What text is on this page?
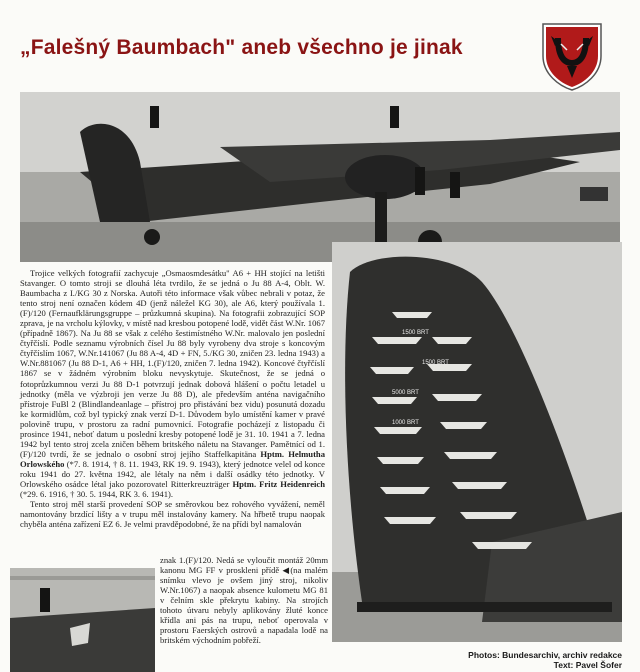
„Falešný Baumbach" aneb všechno je jinak
1500 BRT
1500 BRT
5000 BRT
1000 BRT

Trojice velkých fotografií zachycuje „Osmaosmdesátku" A6 + HH stojící na letišti Stavanger. O tomto stroji se dlouhá léta tvrdilo, že se jedná o Ju 88 A-4, Oblt. W. Baumbacha z I./KG 30 z Norska. Autoři této informace však vůbec nebrali v potaz, že tento stroj není označen kódem 4D (jenž náležel KG 30), ale A6, který používala 1.(F)/120 (Fernaufklärungsgruppe – průzkumná skupina). Na fotografii zobrazující SOP zprava, je na vrcholu kýlovky, v místě nad kresbou potopené lodě, vidět část W.Nr. 1067 (případně 1867). Na Ju 88 se však z celého šestimístného W.Nr. malovalo jen poslední čtyřčíslí. Podle seznamu výrobních čísel Ju 88 byly vyrobeny dva stroje s koncovým čtyřčíslím 1067, W.Nr.141067 (Ju 88 A-4, 4D + FN, 5./KG 30, zničen 23. ledna 1943) a W.Nr.881067 (Ju 88 D-1, A6 + HH, 1.(F)/120, zničen 7. ledna 1942). Koncové čtyřčíslí 1867 se v žádném výrobním bloku nevyskytuje. Skutečnost, že se jedná o fotoprůzkumnou verzi Ju 88 D-1 potvrzují jednak dobová hlášení o počtu letadel u jednotky (měla ve výzbroji jen verze Ju 88 D), ale především anténa navigačního přístroje FuBl 2 (Blindlandeanlage – přístroj pro přistávání bez vidu) posunutá dozadu ke kormidlům, což byl typický znak verzí D-1. Důvodem bylo umístění kamer v pravé polovině trupu, v prostoru za radní pumovnicí. Fotografie pocházejí z listopadu či prosince 1941, neboť datum u poslední kresby potopené lodě je 31. 10. 1941 a 7. ledna 1942 byl tento stroj zcela zničen během britského náletu na Stavanger. Pamětnící od 1.(F)/120 tvrdí, že se jednalo o osobní stroj jejího Staffelkapitäna Hptm. Helmutha Orlowského (*7. 8. 1914, † 8. 11. 1943, RK 19. 9. 1943), který jednotce velel od konce roku 1941 do 27. května 1942, ale létaly na něm i další osádky této jednotky. V Orlowského osádce létal jako pozorovatel Ritterkreuzträger Hptm. Fritz Heidenreich (*29. 6. 1916, † 30. 5. 1944, RK 3. 6. 1941).

Tento stroj měl starší provedení SOP se směrovkou bez rohového vyvážení, neměl namontovány brzdící lišty a v trupu měl instalovány kamery. Na hřbetě trupu naopak chyběla anténa zařízení EZ 6. Je velmi pravděpodobné, že na přídi byl namalován

znak 1.(F)/120. Nedá se vyloučit montáž 20mm kanonu MG FF v proskleni přídě ◀(na malém snímku vlevo je ovšem jiný stroj, nikoliv W.Nr.1067) a naopak absence kulometu MG 81 v čelním skle překrytu kabiny. Na strojích tohoto útvaru nebyly aplikovány žluté konce křídla ani pás na trupu, neboť operovala v prostoru Faerských ostrovů a napadala lodě na britském východním pobřeží.

Photos: Bundesarchiv, archiv redakce
Text: Pavel Šofer
